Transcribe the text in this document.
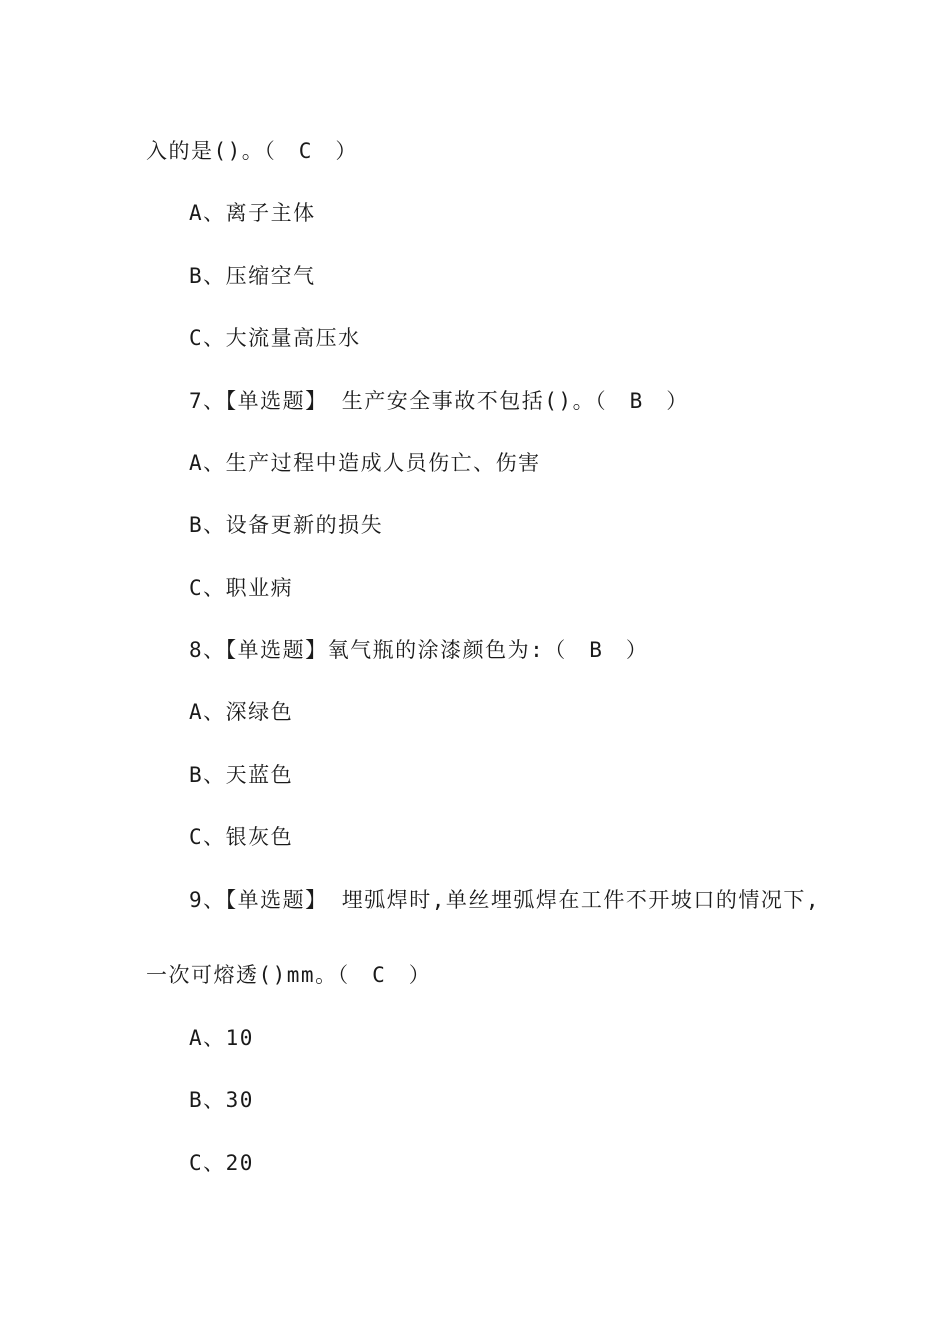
入的是()。（　C　）
A、离子主体
B、压缩空气
C、大流量高压水
7、【单选题】 生产安全事故不包括()。（　B　）
A、生产过程中造成人员伤亡、伤害
B、设备更新的损失
C、职业病
8、【单选题】氧气瓶的涂漆颜色为:（　B　）
A、深绿色
B、天蓝色
C、银灰色
9、【单选题】 埋弧焊时,单丝埋弧焊在工件不开坡口的情况下,
一次可熔透()mm。（　C　）
A、10
B、30
C、20
